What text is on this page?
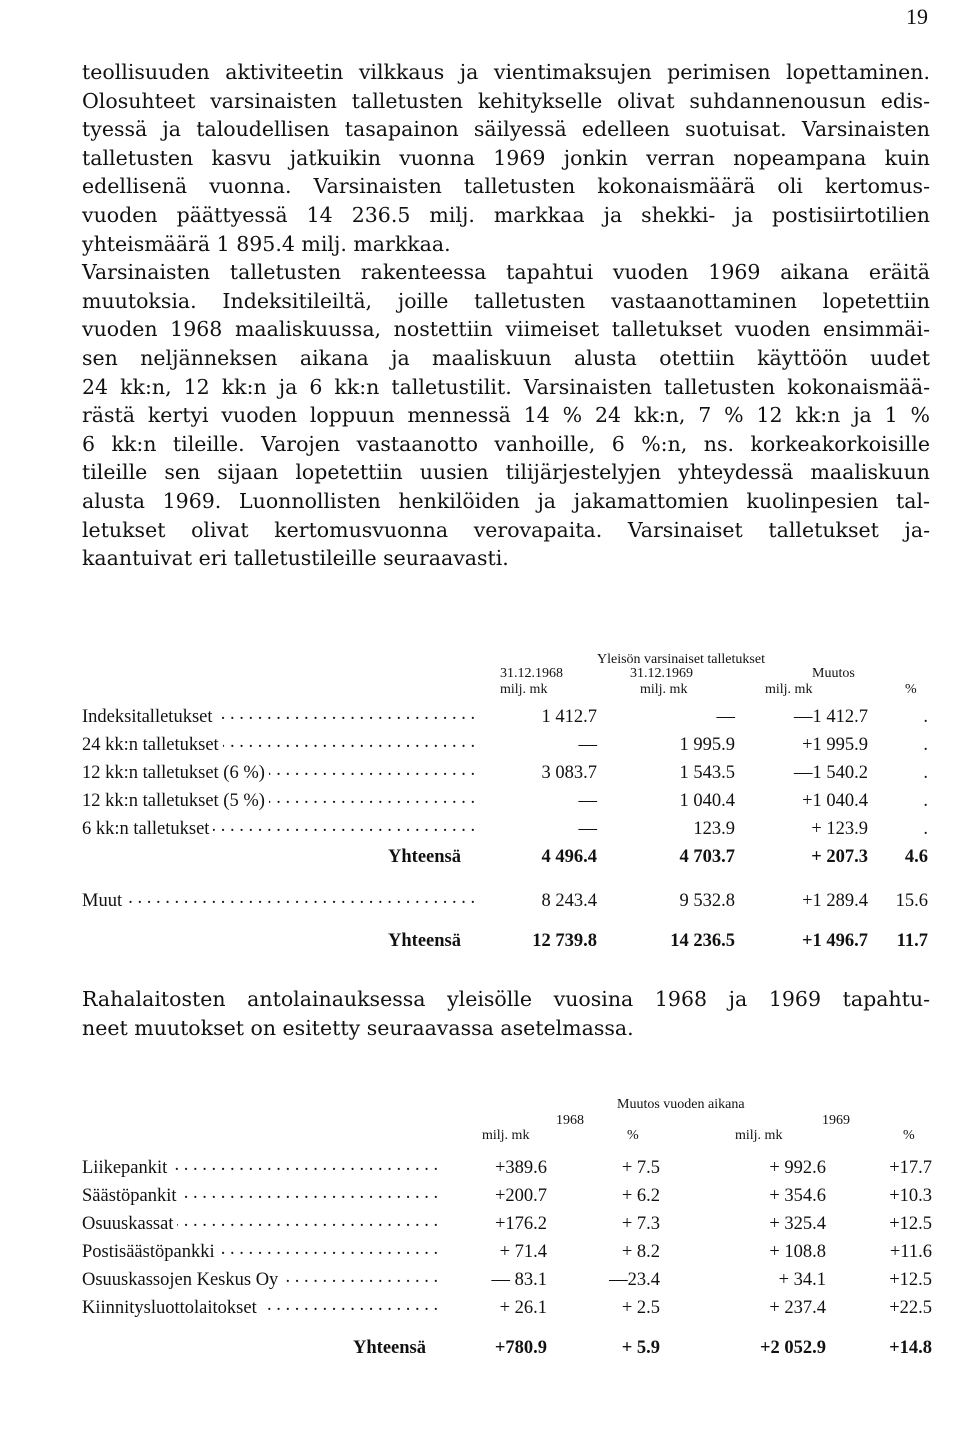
19

teollisuuden aktiviteetin vilkkaus ja vientimaksujen perimisen lopettaminen.

Olosuhteet varsinaisten talletusten kehitykselle olivat suhdannenousun edis-

tyessä ja taloudellisen tasapainon säilyessä edelleen suotuisat. Varsinaisten

talletusten kasvu jatkuikin vuonna 1969 jonkin verran nopeampana kuin

edellisenä vuonna. Varsinaisten talletusten kokonaismäärä oli kertomus-

vuoden päättyessä 14 236.5 milj. markkaa ja shekki- ja postisiirtotilien

yhteismäärä 1 895.4 milj. markkaa.

Varsinaisten talletusten rakenteessa tapahtui vuoden 1969 aikana eräitä

muutoksia. Indeksitileiltä, joille talletusten vastaanottaminen lopetettiin

vuoden 1968 maaliskuussa, nostettiin viimeiset talletukset vuoden ensimmäi-

sen neljänneksen aikana ja maaliskuun alusta otettiin käyttöön uudet

24 kk:n, 12 kk:n ja 6 kk:n talletustilit. Varsinaisten talletusten kokonaismää-

rästä kertyi vuoden loppuun mennessä 14 % 24 kk:n, 7 % 12 kk:n ja 1 %

6 kk:n tileille. Varojen vastaanotto vanhoille, 6 %:n, ns. korkeakorkoisille

tileille sen sijaan lopetettiin uusien tilijärjestelyjen yhteydessä maaliskuun

alusta 1969. Luonnollisten henkilöiden ja jakamattomien kuolinpesien tal-

letukset olivat kertomusvuonna verovapaita. Varsinaiset talletukset ja-

kaantuivat eri talletustileille seuraavasti.

Yleisön varsinaiset talletukset
31.12.1968
milj. mk
31.12.1969
milj. mk
Muutos
milj. mk	%
Indeksitalletukset . . .	1 412.7	—	—1 412.7	.
24 kk:n talletukset . . .	—	1 995.9	+1 995.9	.
12 kk:n talletukset (6 %) . . .	3 083.7	1 543.5	—1 540.2	.
12 kk:n talletukset (5 %) . . .	—	1 040.4	+1 040.4	.
6 kk:n talletukset . . .	—	123.9	+ 123.9	.
Yhteensä	4 496.4	4 703.7	+ 207.3	4.6
Muut . . .	8 243.4	9 532.8	+1 289.4	15.6
Yhteensä	12 739.8	14 236.5	+1 496.7	11.7

Rahalaitosten antolainauksessa yleisölle vuosina 1968 ja 1969 tapahtu-

neet muutokset on esitetty seuraavassa asetelmassa.

Muutos vuoden aikana
1968	1969
milj. mk	%	milj. mk	%
Liikepankit . . .	+389.6	+ 7.5	+ 992.6	+17.7
Säästöpankit . . .	+200.7	+ 6.2	+ 354.6	+10.3
Osuuskassat . . .	+176.2	+ 7.3	+ 325.4	+12.5
Postisäästöpankki . . .	+ 71.4	+ 8.2	+ 108.8	+11.6
Osuuskassojen Keskus Oy . . .	— 83.1	—23.4	+ 34.1	+12.5
Kiinnitysluottolaitokset . . .	+ 26.1	+ 2.5	+ 237.4	+22.5
Yhteensä	+780.9	+ 5.9	+2 052.9	+14.8
